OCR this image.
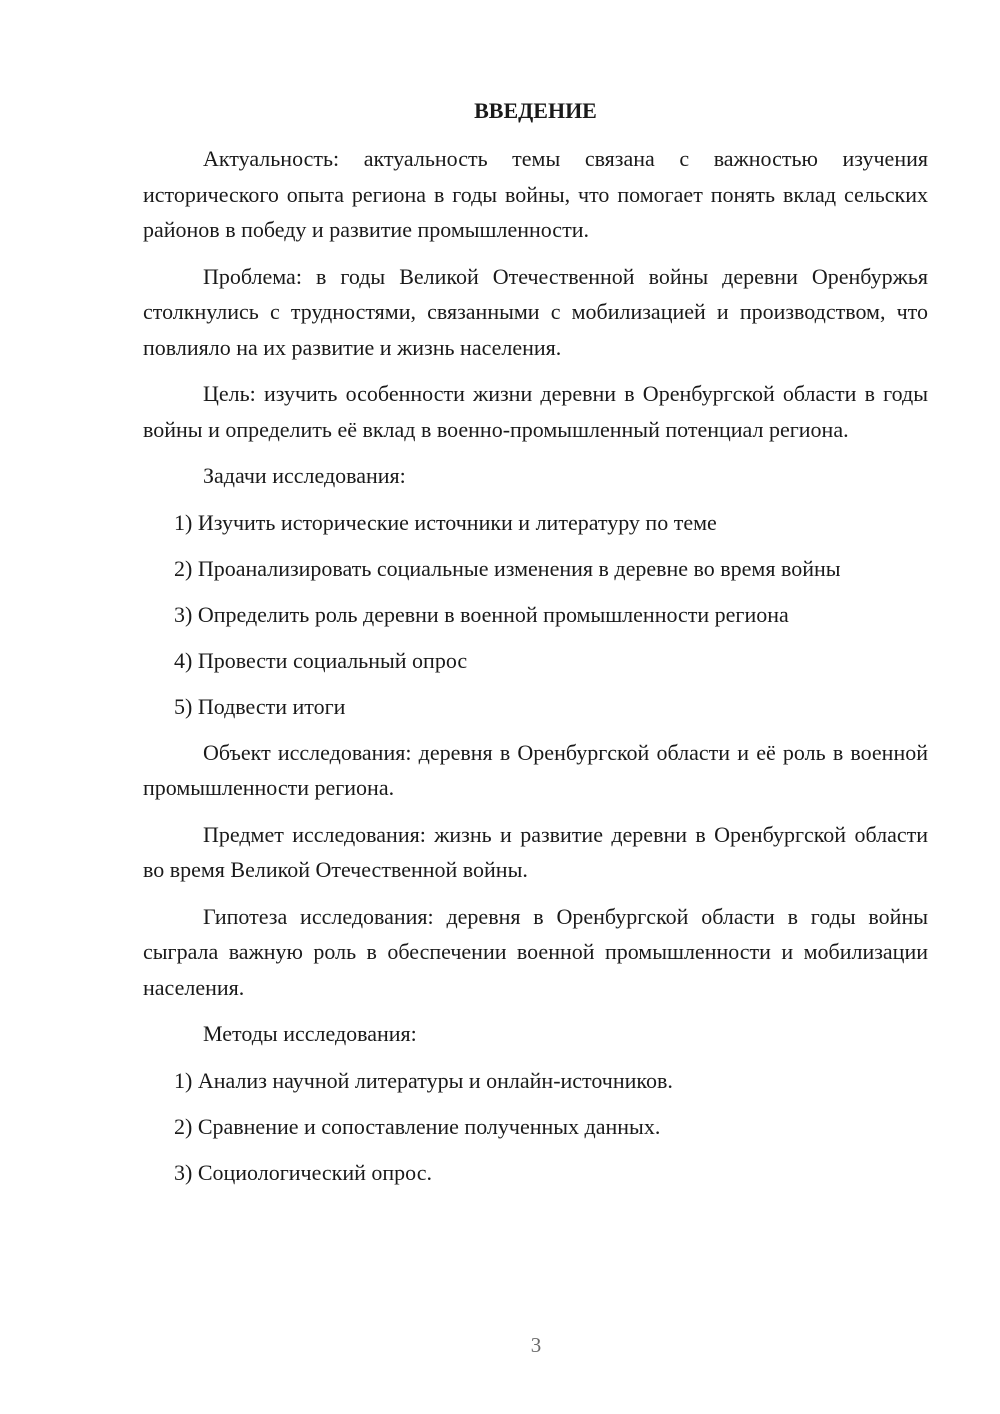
ВВЕДЕНИЕ

Актуальность: актуальность темы связана с важностью изучения исторического опыта региона в годы войны, что помогает понять вклад сельских районов в победу и развитие промышленности.

Проблема: в годы Великой Отечественной войны деревни Оренбуржья столкнулись с трудностями, связанными с мобилизацией и производством, что повлияло на их развитие и жизнь населения.

Цель: изучить особенности жизни деревни в Оренбургской области в годы войны и определить её вклад в военно-промышленный потенциал региона.

Задачи исследования:

1) Изучить исторические источники и литературу по теме
2) Проанализировать социальные изменения в деревне во время войны
3) Определить роль деревни в военной промышленности региона
4) Провести социальный опрос
5) Подвести итоги

Объект исследования: деревня в Оренбургской области и её роль в военной промышленности региона.

Предмет исследования: жизнь и развитие деревни в Оренбургской области во время Великой Отечественной войны.

Гипотеза исследования: деревня в Оренбургской области в годы войны сыграла важную роль в обеспечении военной промышленности и мобилизации населения.

Методы исследования:

1) Анализ научной литературы и онлайн-источников.
2) Сравнение и сопоставление полученных данных.
3) Социологический опрос.
3
